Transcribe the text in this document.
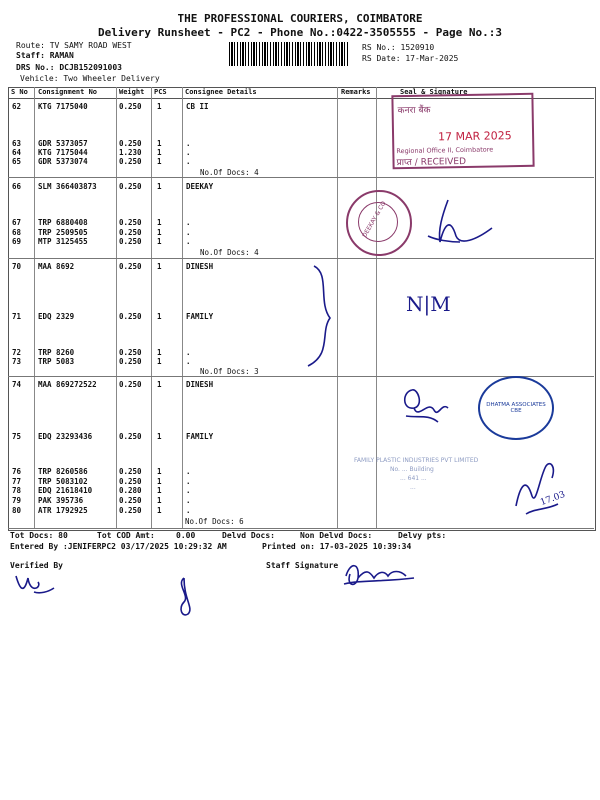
THE PROFESSIONAL COURIERS, COIMBATORE
Delivery Runsheet - PC2 - Phone No.:0422-3505555 - Page No.:3
Route: TV SAMY ROAD WEST
Staff: RAMAN
DRS No.: DCJB152091003
Vehicle: Two Wheeler Delivery
RS No.: 1520910
RS Date: 17-Mar-2025
S No Consignment No	Weight PCS	Consignee Details	Remarks	Seal & Signature
62 KTG 7175040	0.250 1	CB II
63 GDR 5373057	0.250 1	.
64 KTG 7175044	1.230 1	.
65 GDR 5373074	0.250 1	.
66 SLM 366403873	0.250 1	DEEKAY
67 TRP 6880408	0.250 1	.
68 TRP 2509505	0.250 1	.
69 MTP 3125455	0.250 1	.
70 MAA 8692	0.250 1	DINESH
71 EDQ 2329	0.250 1	FAMILY
72 TRP 8260	0.250 1	.
73 TRP 5083	0.250 1	.
74 MAA 869272522	0.250 1	DINESH
75 EDQ 23293436	0.250 1	FAMILY
76 TRP 8260586	0.250 1	.
77 TRP 5083102	0.250 1	.
78 EDQ 21618410	0.280 1	.
79 PAK 395736	0.250 1	.
80 ATR 1792925	0.250 1	.
No.Of Docs: 4
No.Of Docs: 4
No.Of Docs: 3
No.Of Docs: 6
कनरा बैंक
17 MAR 2025
Regional Office II, Coimbatore
प्राप्त / RECEIVED
DEEKAY & CO
N|M
DHATMA ASSOCIATES CBE
FAMILY PLASTIC INDUSTRIES PVT LIMITED
No. ... Building
... 641 ...
...
17.03
Tot Docs: 80	Tot COD Amt:	0.00	Delvd Docs:	Non Delvd Docs:	Delvy pts:
Entered By :JENIFERPC2 03/17/2025 10:29:32 AM	Printed on: 17-03-2025 10:39:34
Verified By	Staff Signature
